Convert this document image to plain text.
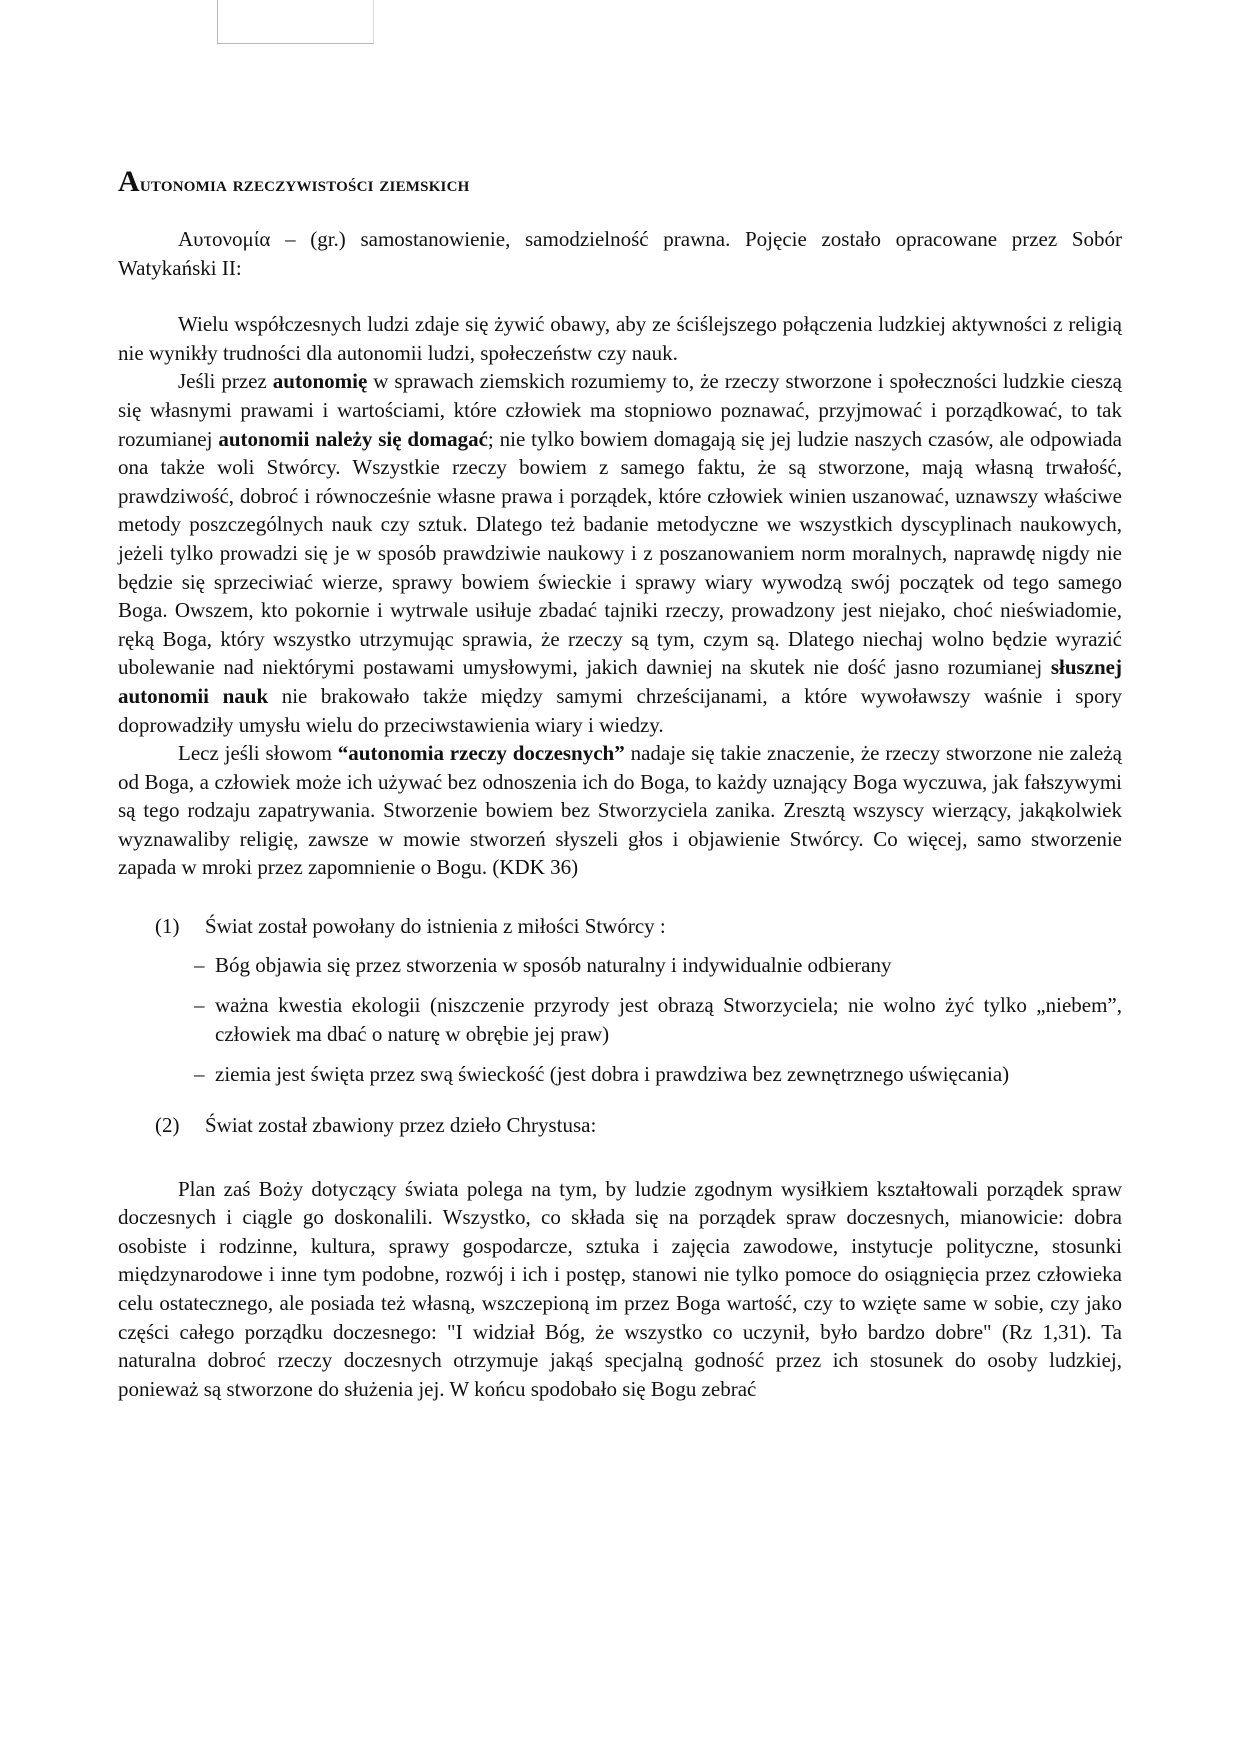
Autonomia rzeczywistości ziemskich

Αυτονομία – (gr.) samostanowienie, samodzielność prawna. Pojęcie zostało opracowane przez Sobór Watykański II:

Wielu współczesnych ludzi zdaje się żywić obawy, aby ze ściślejszego połączenia ludzkiej aktywności z religią nie wynikły trudności dla autonomii ludzi, społeczeństw czy nauk.

Jeśli przez autonomię w sprawach ziemskich rozumiemy to, że rzeczy stworzone i społeczności ludzkie cieszą się własnymi prawami i wartościami, które człowiek ma stopniowo poznawać, przyjmować i porządkować, to tak rozumianej autonomii należy się domagać; nie tylko bowiem domagają się jej ludzie naszych czasów, ale odpowiada ona także woli Stwórcy. Wszystkie rzeczy bowiem z samego faktu, że są stworzone, mają własną trwałość, prawdziwość, dobroć i równocześnie własne prawa i porządek, które człowiek winien uszanować, uznawszy właściwe metody poszczególnych nauk czy sztuk. Dlatego też badanie metodyczne we wszystkich dyscyplinach naukowych, jeżeli tylko prowadzi się je w sposób prawdziwie naukowy i z poszanowaniem norm moralnych, naprawdę nigdy nie będzie się sprzeciwiać wierze, sprawy bowiem świeckie i sprawy wiary wywodzą swój początek od tego samego Boga. Owszem, kto pokornie i wytrwale usiłuje zbadać tajniki rzeczy, prowadzony jest niejako, choć nieświadomie, ręką Boga, który wszystko utrzymując sprawia, że rzeczy są tym, czym są. Dlatego niechaj wolno będzie wyrazić ubolewanie nad niektórymi postawami umysłowymi, jakich dawniej na skutek nie dość jasno rozumianej słusznej autonomii nauk nie brakowało także między samymi chrześcijanami, a które wywoławszy waśnie i spory doprowadziły umysłu wielu do przeciwstawienia wiary i wiedzy.

Lecz jeśli słowom “autonomia rzeczy doczesnych” nadaje się takie znaczenie, że rzeczy stworzone nie zależą od Boga, a człowiek może ich używać bez odnoszenia ich do Boga, to każdy uznający Boga wyczuwa, jak fałszywymi są tego rodzaju zapatrywania. Stworzenie bowiem bez Stworzyciela zanika. Zresztą wszyscy wierzący, jakąkolwiek wyznawaliby religię, zawsze w mowie stworzeń słyszeli głos i objawienie Stwórcy. Co więcej, samo stworzenie zapada w mroki przez zapomnienie o Bogu. (KDK 36)

(1)	Świat został powołany do istnienia z miłości Stwórcy :
– Bóg objawia się przez stworzenia w sposób naturalny i indywidualnie odbierany
– ważna kwestia ekologii (niszczenie przyrody jest obrazą Stworzyciela; nie wolno żyć tylko „niebem”, człowiek ma dbać o naturę w obrębie jej praw)
– ziemia jest święta przez swą świeckość (jest dobra i prawdziwa bez zewnętrznego uświęcania)
(2)	Świat został zbawiony przez dzieło Chrystusa:

Plan zaś Boży dotyczący świata polega na tym, by ludzie zgodnym wysiłkiem kształtowali porządek spraw doczesnych i ciągle go doskonalili. Wszystko, co składa się na porządek spraw doczesnych, mianowicie: dobra osobiste i rodzinne, kultura, sprawy gospodarcze, sztuka i zajęcia zawodowe, instytucje polityczne, stosunki międzynarodowe i inne tym podobne, rozwój i ich i postęp, stanowi nie tylko pomoce do osiągnięcia przez człowieka celu ostatecznego, ale posiada też własną, wszczepioną im przez Boga wartość, czy to wzięte same w sobie, czy jako części całego porządku doczesnego: "I widział Bóg, że wszystko co uczynił, było bardzo dobre" (Rz 1,31). Ta naturalna dobroć rzeczy doczesnych otrzymuje jakąś specjalną godność przez ich stosunek do osoby ludzkiej, ponieważ są stworzone do służenia jej. W końcu spodobało się Bogu zebrać
